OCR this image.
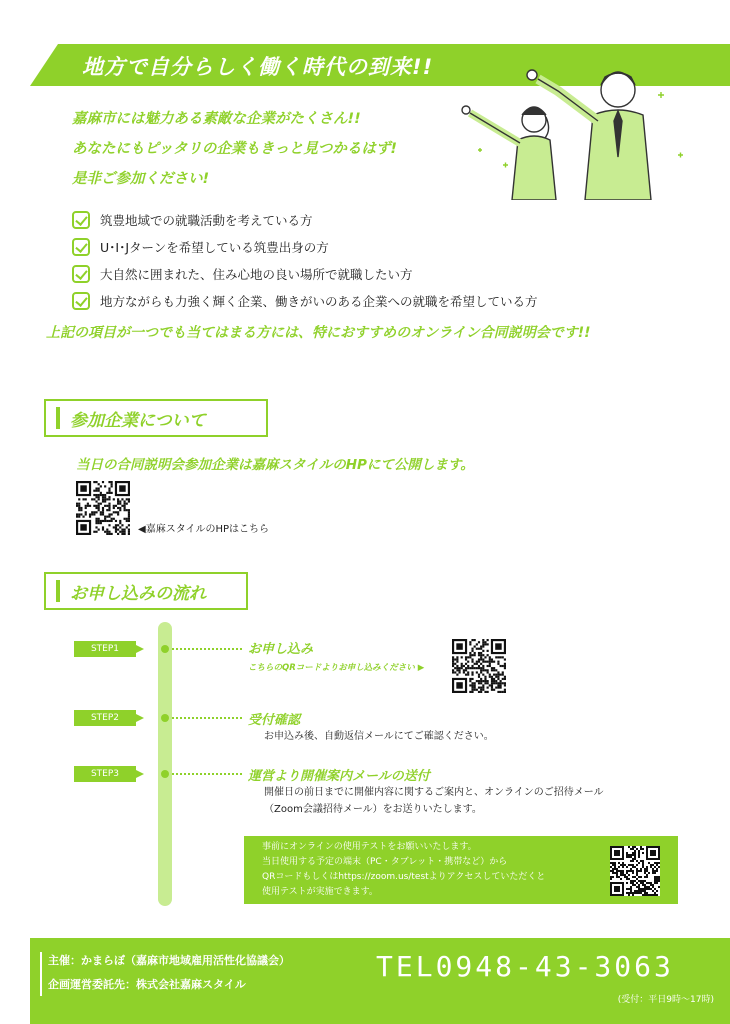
地方で自分らしく働く時代の到来!!
嘉麻市には魅力ある素敵な企業がたくさん!!
あなたにもピッタリの企業もきっと見つかるはず!
是非ご参加ください!
筑豊地域での就職活動を考えている方
U･I･Jターンを希望している筑豊出身の方
大自然に囲まれた、住み心地の良い場所で就職したい方
地方ながらも力強く輝く企業、働きがいのある企業への就職を希望している方
上記の項目が一つでも当てはまる方には、特におすすめのオンライン合同説明会です!!
参加企業について
当日の合同説明会参加企業は嘉麻スタイルのHPにて公開します。
◀嘉麻スタイルのHPはこちら
お申し込みの流れ
STEP1	お申し込み
こちらのQRコードよりお申し込みください ▶
STEP2	受付確認
お申込み後、自動返信メールにてご確認ください。
STEP3	運営より開催案内メールの送付
開催日の前日までに開催内容に関するご案内と、オンラインのご招待メール
（Zoom会議招待メール）をお送りいたします。
事前にオンラインの使用テストをお願いいたします。
当日使用する予定の端末（PC・タブレット・携帯など）から
QRコードもしくはhttps://zoom.us/testよりアクセスしていただくと
使用テストが実施できます。
主催：かまらぼ（嘉麻市地域雇用活性化協議会）
企画運営委託先：株式会社嘉麻スタイル
TEL0948-43-3063
(受付：平日9時～17時)
